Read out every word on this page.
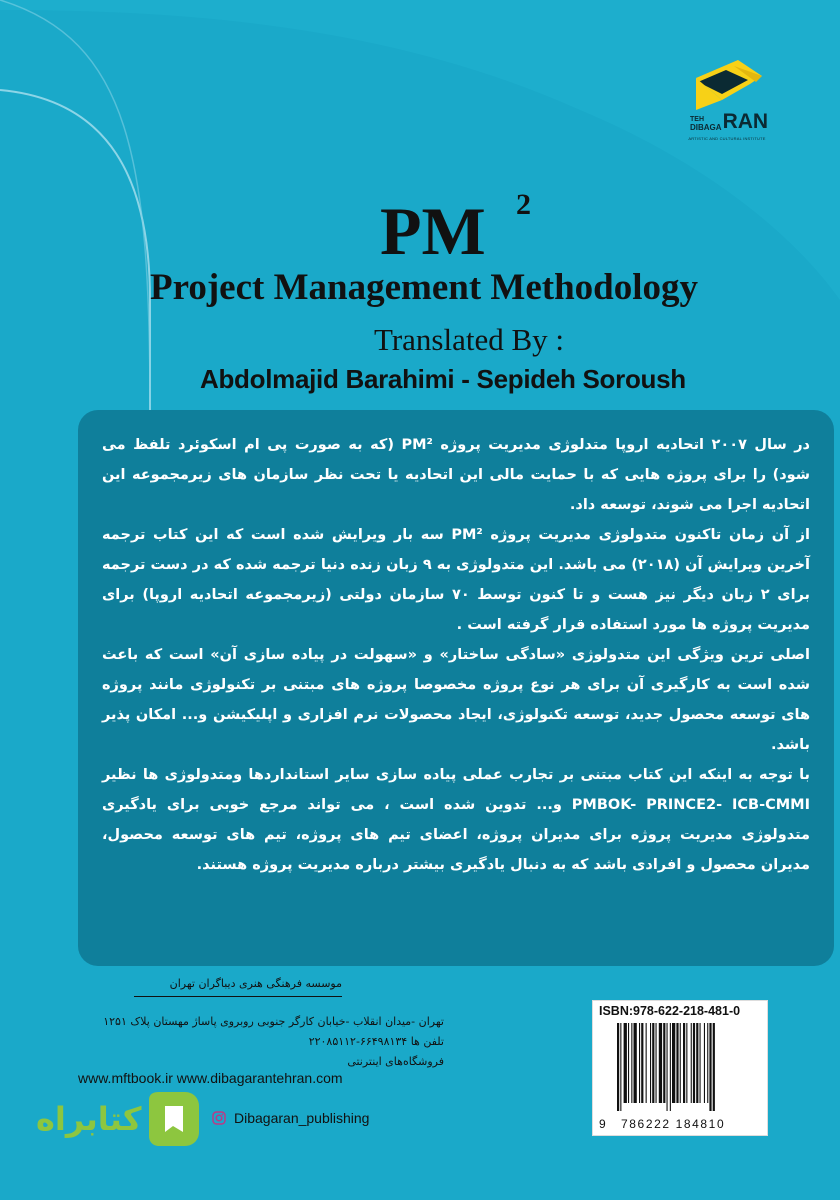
TEH
DIBAGA RAN
ARTISTIC AND CULTURAL INSTITUTE
PM 2
Project Management Methodology
Translated By :
Abdolmajid Barahimi - Sepideh Soroush

در سال ۲۰۰۷ اتحادیه اروپا متدلوژی مدیریت پروژه PM² (که به صورت پی ام اسکوئرد تلفظ می شود) را برای پروژه هایی که با حمایت مالی این اتحادیه یا تحت نظر سازمان های زیرمجموعه این اتحادیه اجرا می شوند، توسعه داد.

از آن زمان تاکنون متدولوژی مدیریت پروژه PM² سه بار ویرایش شده است که این کتاب ترجمه آخرین ویرایش آن (۲۰۱۸) می باشد. این متدولوژی به ۹ زبان زنده دنیا ترجمه شده که در دست ترجمه برای ۲ زبان دیگر نیز هست و تا کنون توسط ۷۰ سازمان دولتی (زیرمجموعه اتحادیه اروپا) برای مدیریت پروژه ها مورد استفاده قرار گرفته است .

اصلی ترین ویژگی این متدولوژی «سادگی ساختار» و «سهولت در پیاده سازی آن» است که باعث شده است به کارگیری آن برای هر نوع پروژه مخصوصا پروژه های مبتنی بر تکنولوژی مانند پروژه های توسعه محصول جدید، توسعه تکنولوژی، ایجاد محصولات نرم افزاری و اپلیکیشن و... امکان پذیر باشد.

با توجه به اینکه این کتاب مبتنی بر تجارب عملی پیاده سازی سایر استانداردها ومتدولوژی ها نظیر PMBOK- PRINCE2- ICB-CMMI و... تدوین شده است ، می تواند مرجع خوبی برای یادگیری متدولوژی مدیریت پروژه برای مدیران پروژه، اعضای تیم های پروژه، تیم های توسعه محصول، مدیران محصول و افرادی باشد که به دنبال یادگیری بیشتر درباره مدیریت پروژه هستند.

موسسه فرهنگی هنری دیباگران تهران
تهران -میدان انقلاب -خیابان کارگر جنوبی روبروی پاساژ مهستان پلاک ۱۲۵۱
تلفن ها ۶۶۴۹۸۱۳۴-۲۲۰۸۵۱۱۲
فروشگاه‌های اینترنتی
www.mftbook.ir www.dibagarantehran.com
Dibagaran_publishing
ISBN:978-622-218-481-0
9 786222 184810
کتابراه
